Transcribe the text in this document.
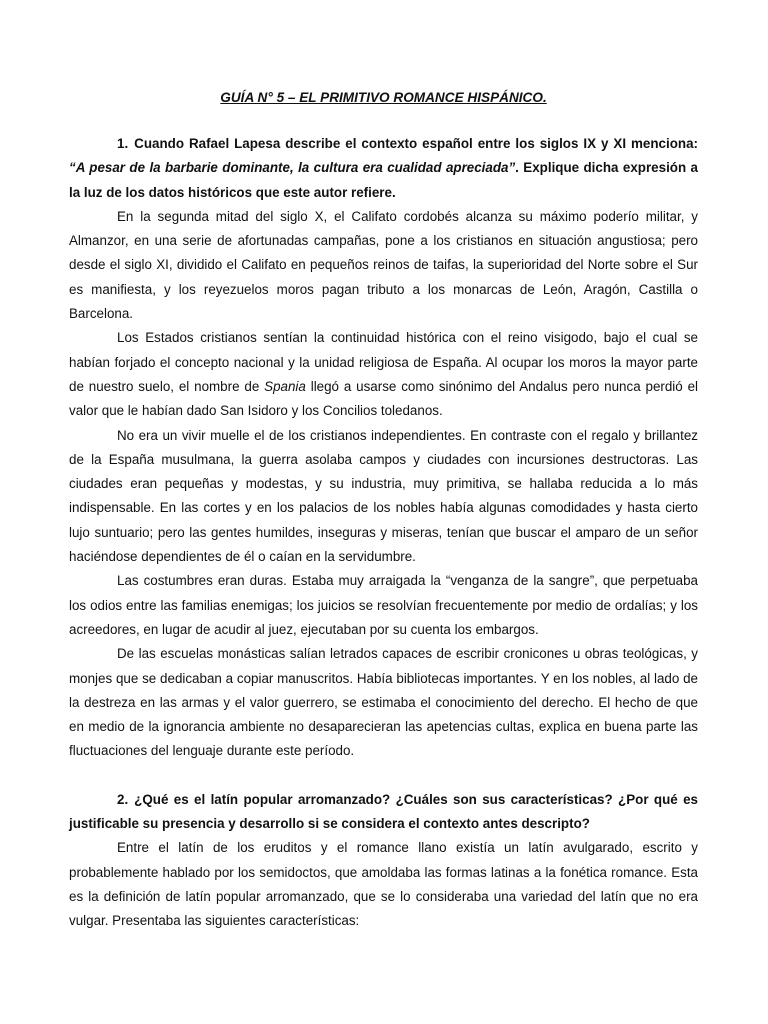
GUÍA N° 5 – EL PRIMITIVO ROMANCE HISPÁNICO.

1. Cuando Rafael Lapesa describe el contexto español entre los siglos IX y XI menciona: “A pesar de la barbarie dominante, la cultura era cualidad apreciada”. Explique dicha expresión a la luz de los datos históricos que este autor refiere.

En la segunda mitad del siglo X, el Califato cordobés alcanza su máximo poderío militar, y Almanzor, en una serie de afortunadas campañas, pone a los cristianos en situación angustiosa; pero desde el siglo XI, dividido el Califato en pequeños reinos de taifas, la superioridad del Norte sobre el Sur es manifiesta, y los reyezuelos moros pagan tributo a los monarcas de León, Aragón, Castilla o Barcelona.

Los Estados cristianos sentían la continuidad histórica con el reino visigodo, bajo el cual se habían forjado el concepto nacional y la unidad religiosa de España. Al ocupar los moros la mayor parte de nuestro suelo, el nombre de Spania llegó a usarse como sinónimo del Andalus pero nunca perdió el valor que le habían dado San Isidoro y los Concilios toledanos.

No era un vivir muelle el de los cristianos independientes. En contraste con el regalo y brillantez de la España musulmana, la guerra asolaba campos y ciudades con incursiones destructoras. Las ciudades eran pequeñas y modestas, y su industria, muy primitiva, se hallaba reducida a lo más indispensable. En las cortes y en los palacios de los nobles había algunas comodidades y hasta cierto lujo suntuario; pero las gentes humildes, inseguras y miseras, tenían que buscar el amparo de un señor haciéndose dependientes de él o caían en la servidumbre.

Las costumbres eran duras. Estaba muy arraigada la “venganza de la sangre”, que perpetuaba los odios entre las familias enemigas; los juicios se resolvían frecuentemente por medio de ordalías; y los acreedores, en lugar de acudir al juez, ejecutaban por su cuenta los embargos.

De las escuelas monásticas salían letrados capaces de escribir cronicones u obras teológicas, y monjes que se dedicaban a copiar manuscritos. Había bibliotecas importantes. Y en los nobles, al lado de la destreza en las armas y el valor guerrero, se estimaba el conocimiento del derecho. El hecho de que en medio de la ignorancia ambiente no desaparecieran las apetencias cultas, explica en buena parte las fluctuaciones del lenguaje durante este período.

2. ¿Qué es el latín popular arromanzado? ¿Cuáles son sus características? ¿Por qué es justificable su presencia y desarrollo si se considera el contexto antes descripto?

Entre el latín de los eruditos y el romance llano existía un latín avulgarado, escrito y probablemente hablado por los semidoctos, que amoldaba las formas latinas a la fonética romance. Esta es la definición de latín popular arromanzado, que se lo consideraba una variedad del latín que no era vulgar. Presentaba las siguientes características:
